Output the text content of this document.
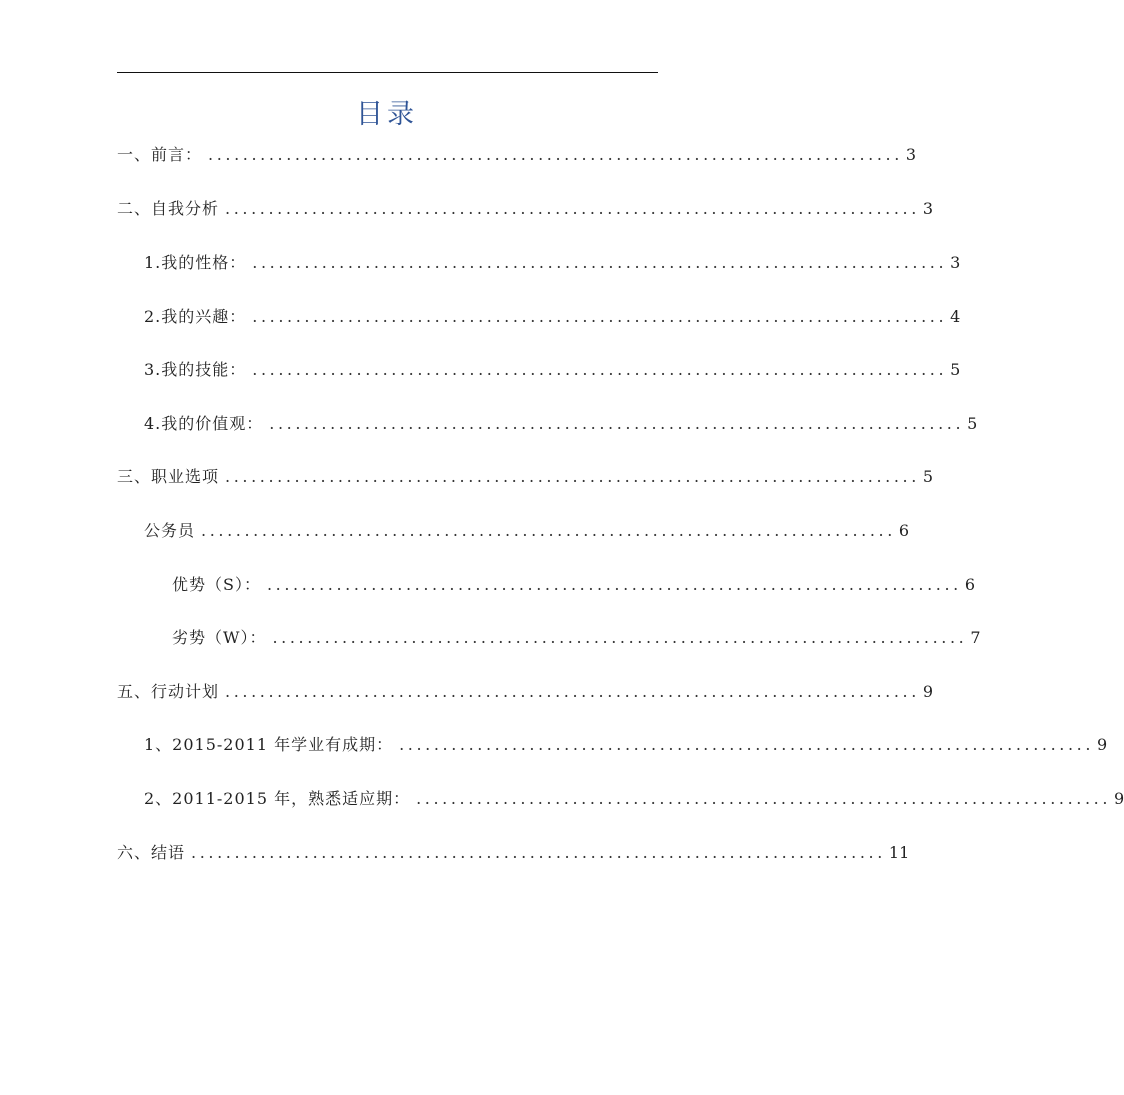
目录
一、前言： ................................................................................ 3
二、自我分析 ................................................................................ 3
1.我的性格： ................................................................................ 3
2.我的兴趣： ................................................................................ 4
3.我的技能： ................................................................................ 5
4.我的价值观： ................................................................................ 5
三、职业选项 ................................................................................ 5
公务员 ................................................................................ 6
优势（S）： ................................................................................ 6
劣势（W）： ................................................................................ 7
五、行动计划 ................................................................................ 9
1、2015-2011 年学业有成期： ................................................................................ 9
2、2011-2015 年，熟悉适应期： ................................................................................ 9
六、结语 ................................................................................ 11
